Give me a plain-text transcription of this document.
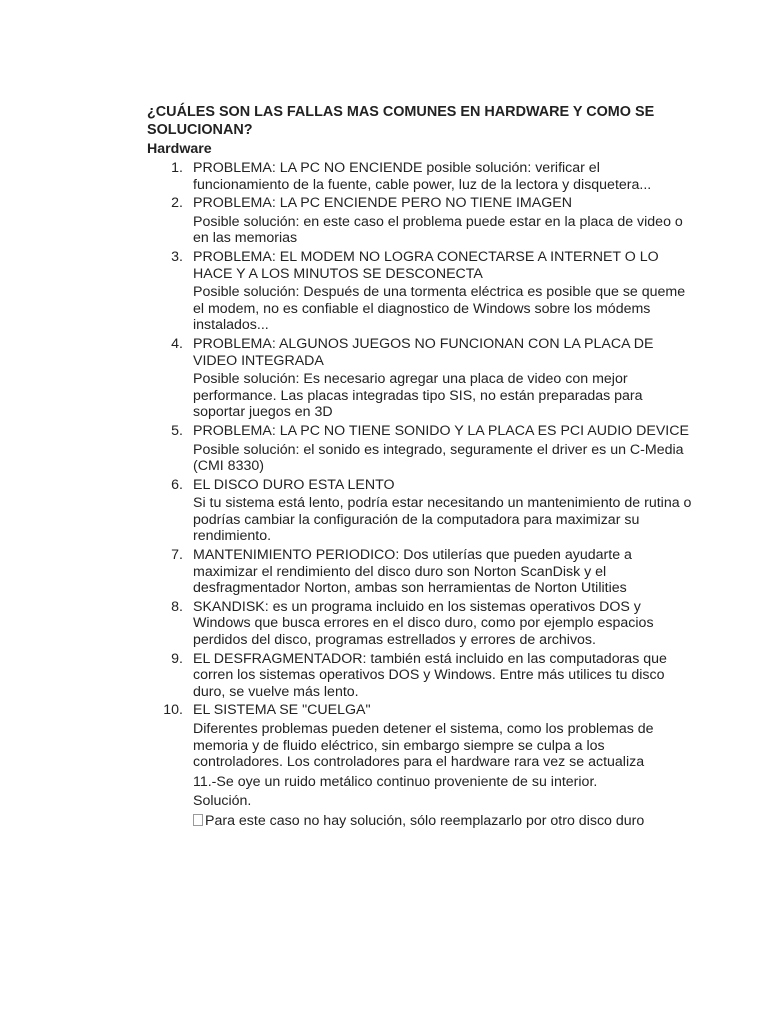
¿CUÁLES SON LAS FALLAS MAS COMUNES EN HARDWARE Y COMO SE SOLUCIONAN?
Hardware
1. PROBLEMA: LA PC NO ENCIENDE posible solución: verificar el funcionamiento de la fuente, cable power, luz de la lectora y disquetera...
2. PROBLEMA: LA PC ENCIENDE PERO NO TIENE IMAGEN
Posible solución: en este caso el problema puede estar en la placa de video o en las memorias
3. PROBLEMA: EL MODEM NO LOGRA CONECTARSE A INTERNET O LO HACE Y A LOS MINUTOS SE DESCONECTA
Posible solución: Después de una tormenta eléctrica es posible que se queme el modem, no es confiable el diagnostico de Windows sobre los módems instalados...
4. PROBLEMA: ALGUNOS JUEGOS NO FUNCIONAN CON LA PLACA DE VIDEO INTEGRADA
Posible solución: Es necesario agregar una placa de video con mejor performance. Las placas integradas tipo SIS, no están preparadas para soportar juegos en 3D
5. PROBLEMA: LA PC NO TIENE SONIDO Y LA PLACA ES PCI AUDIO DEVICE
Posible solución: el sonido es integrado, seguramente el driver es un C-Media (CMI 8330)
6. EL DISCO DURO ESTA LENTO
Si tu sistema está lento, podría estar necesitando un mantenimiento de rutina o podrías cambiar la configuración de la computadora para maximizar su rendimiento.
7. MANTENIMIENTO PERIODICO: Dos utilerías que pueden ayudarte a maximizar el rendimiento del disco duro son Norton ScanDisk y el desfragmentador Norton, ambas son herramientas de Norton Utilities
8. SKANDISK: es un programa incluido en los sistemas operativos DOS y Windows que busca errores en el disco duro, como por ejemplo espacios perdidos del disco, programas estrellados y errores de archivos.
9. EL DESFRAGMENTADOR: también está incluido en las computadoras que corren los sistemas operativos DOS y Windows. Entre más utilices tu disco duro, se vuelve más lento.
10. EL SISTEMA SE "CUELGA"
Diferentes problemas pueden detener el sistema, como los problemas de memoria y de fluido eléctrico, sin embargo siempre se culpa a los controladores. Los controladores para el hardware rara vez se actualiza
11.-Se oye un ruido metálico continuo proveniente de su interior.
Solución.
Para este caso no hay solución, sólo reemplazarlo por otro disco duro
